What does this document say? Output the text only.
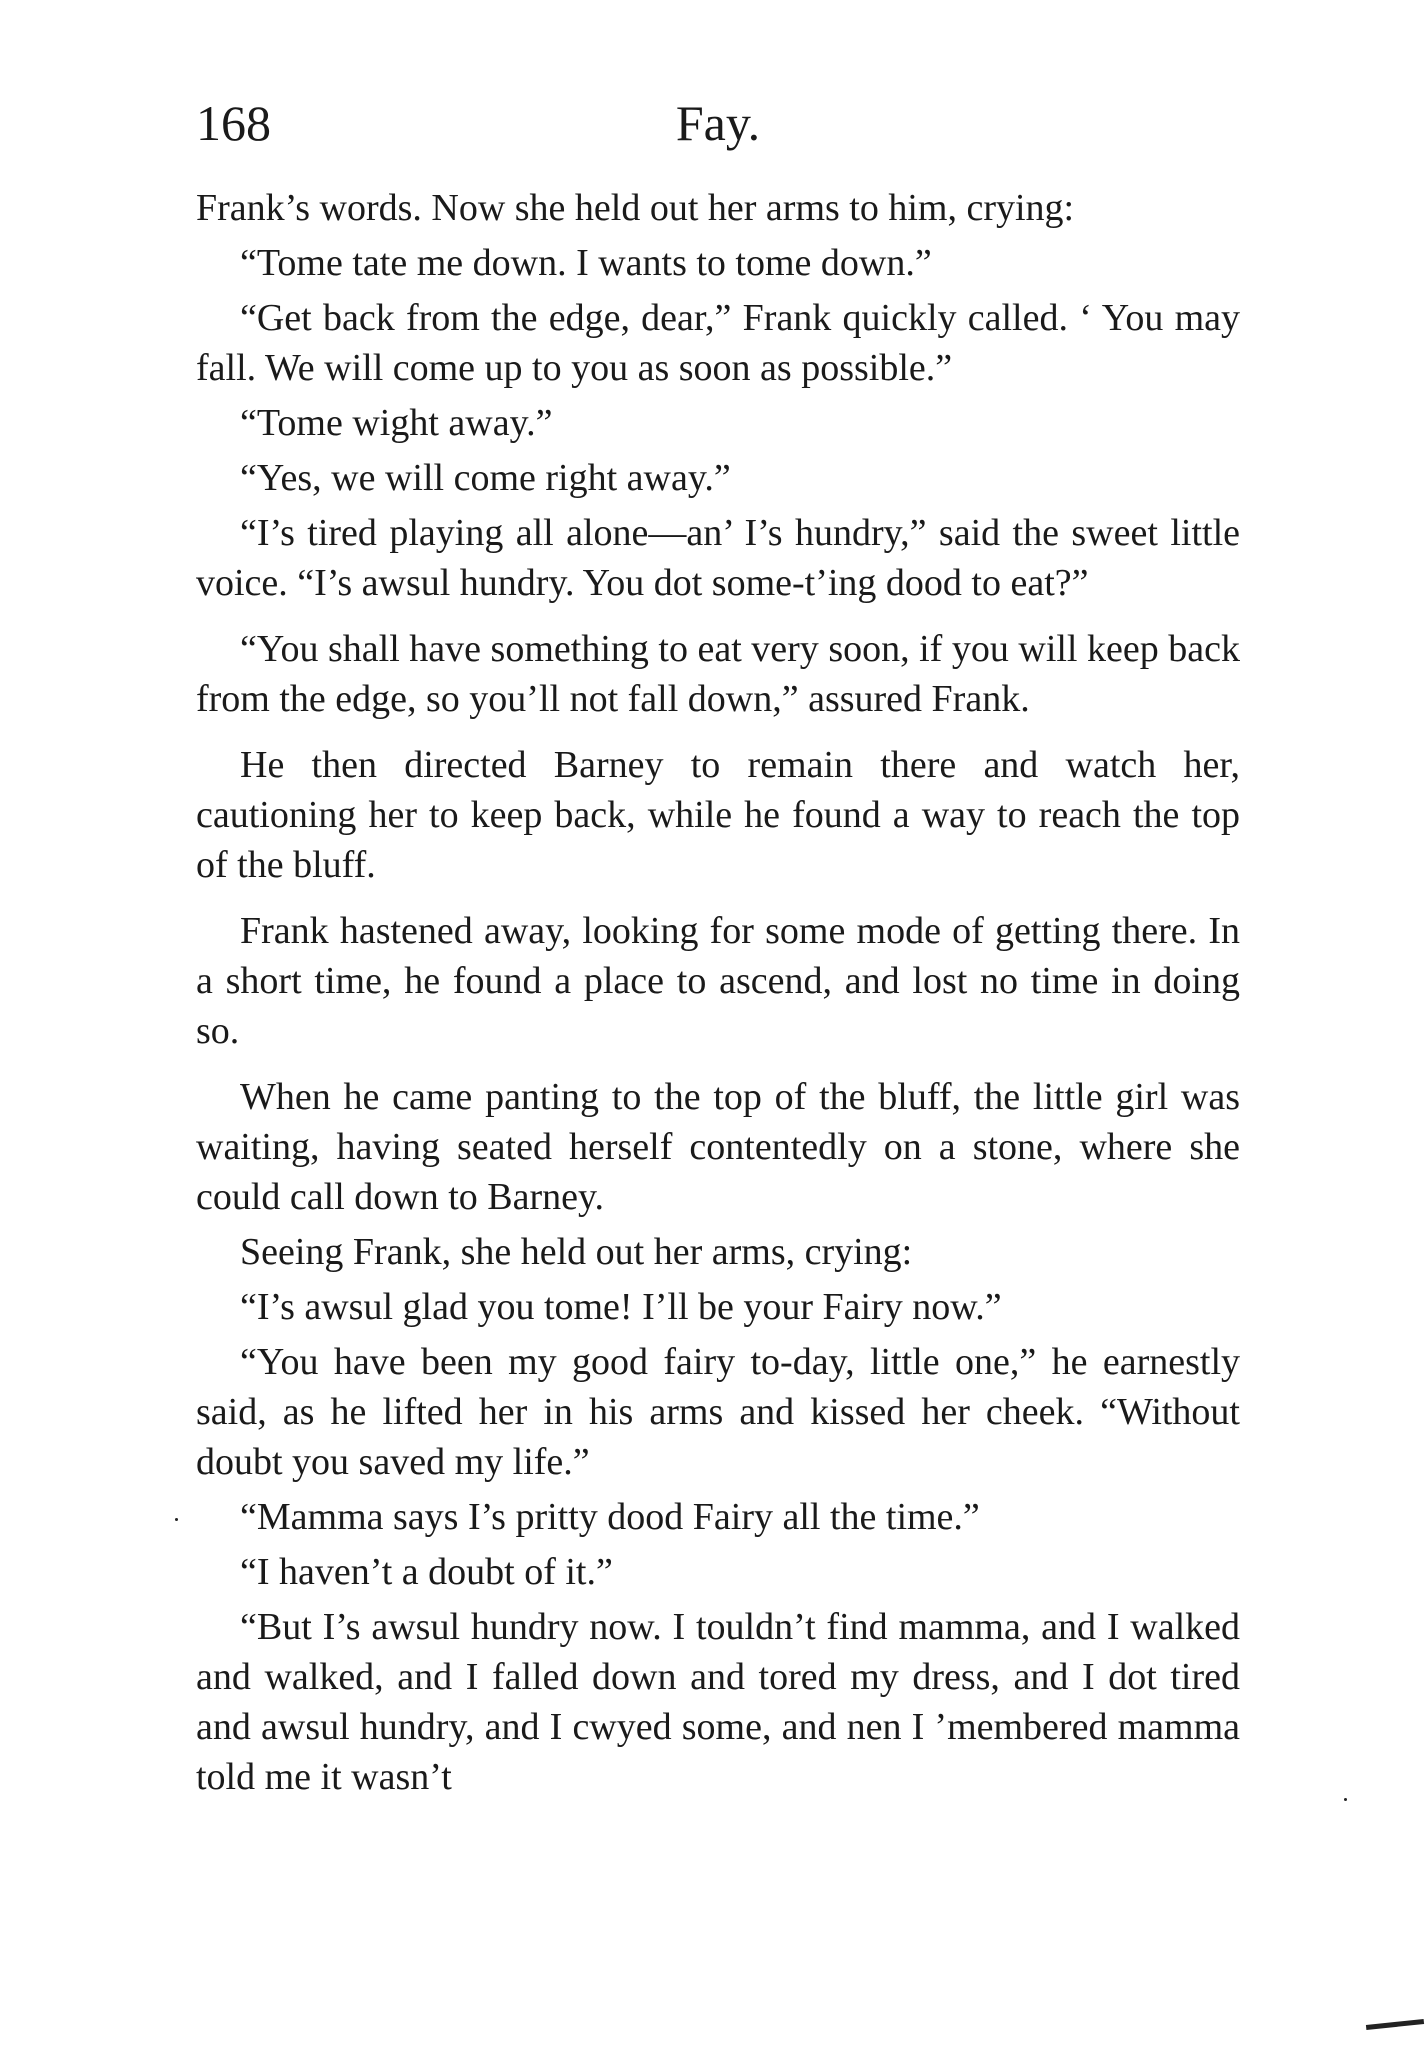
168	Fay.

Frank’s words. Now she held out her arms to him, crying:

“Tome tate me down. I wants to tome down.”

“Get back from the edge, dear,” Frank quickly called. ‘ You may fall. We will come up to you as soon as possible.”

“Tome wight away.”

“Yes, we will come right away.”

“I’s tired playing all alone—an’ I’s hundry,” said the sweet little voice. “I’s awsul hundry. You dot some-t’ing dood to eat?”

“You shall have something to eat very soon, if you will keep back from the edge, so you’ll not fall down,” assured Frank.

He then directed Barney to remain there and watch her, cautioning her to keep back, while he found a way to reach the top of the bluff.

Frank hastened away, looking for some mode of getting there. In a short time, he found a place to ascend, and lost no time in doing so.

When he came panting to the top of the bluff, the little girl was waiting, having seated herself contentedly on a stone, where she could call down to Barney.

Seeing Frank, she held out her arms, crying:

“I’s awsul glad you tome! I’ll be your Fairy now.”

“You have been my good fairy to-day, little one,” he earnestly said, as he lifted her in his arms and kissed her cheek. “Without doubt you saved my life.”

“Mamma says I’s pritty dood Fairy all the time.”

“I haven’t a doubt of it.”

“But I’s awsul hundry now. I touldn’t find mamma, and I walked and walked, and I falled down and tored my dress, and I dot tired and awsul hundry, and I cwyed some, and nen I ’membered mamma told me it wasn’t
